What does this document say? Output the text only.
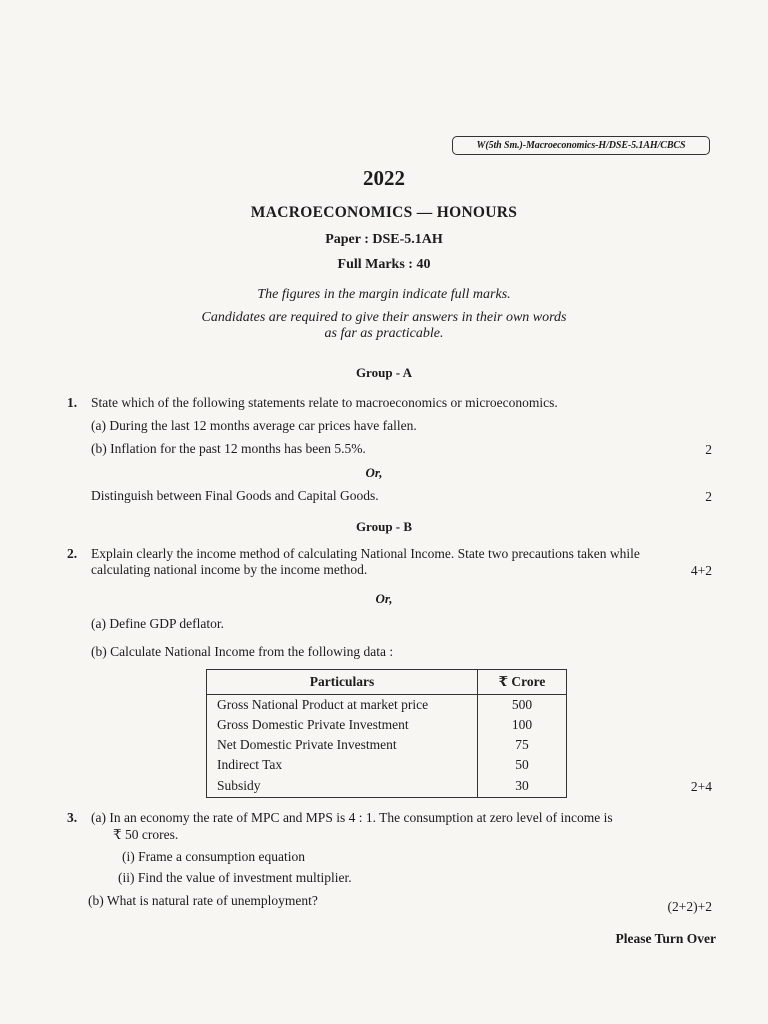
W(5th Sm.)-Macroeconomics-H/DSE-5.1AH/CBCS
2022
MACROECONOMICS — HONOURS
Paper : DSE-5.1AH
Full Marks : 40
The figures in the margin indicate full marks.
Candidates are required to give their answers in their own words
as far as practicable.
Group - A
1. State which of the following statements relate to macroeconomics or microeconomics.
(a) During the last 12 months average car prices have fallen.
(b) Inflation for the past 12 months has been 5.5%.	2
Or,
Distinguish between Final Goods and Capital Goods.	2
Group - B
2. Explain clearly the income method of calculating National Income. State two precautions taken while
calculating national income by the income method.	4+2
Or,
(a) Define GDP deflator.
(b) Calculate National Income from the following data :
Particulars	₹ Crore
Gross National Product at market price	500
Gross Domestic Private Investment	100
Net Domestic Private Investment	75
Indirect Tax	50
Subsidy	30	2+4
3. (a) In an economy the rate of MPC and MPS is 4 : 1. The consumption at zero level of income is
₹ 50 crores.
(i) Frame a consumption equation
(ii) Find the value of investment multiplier.
(b) What is natural rate of unemployment?	(2+2)+2
Please Turn Over
